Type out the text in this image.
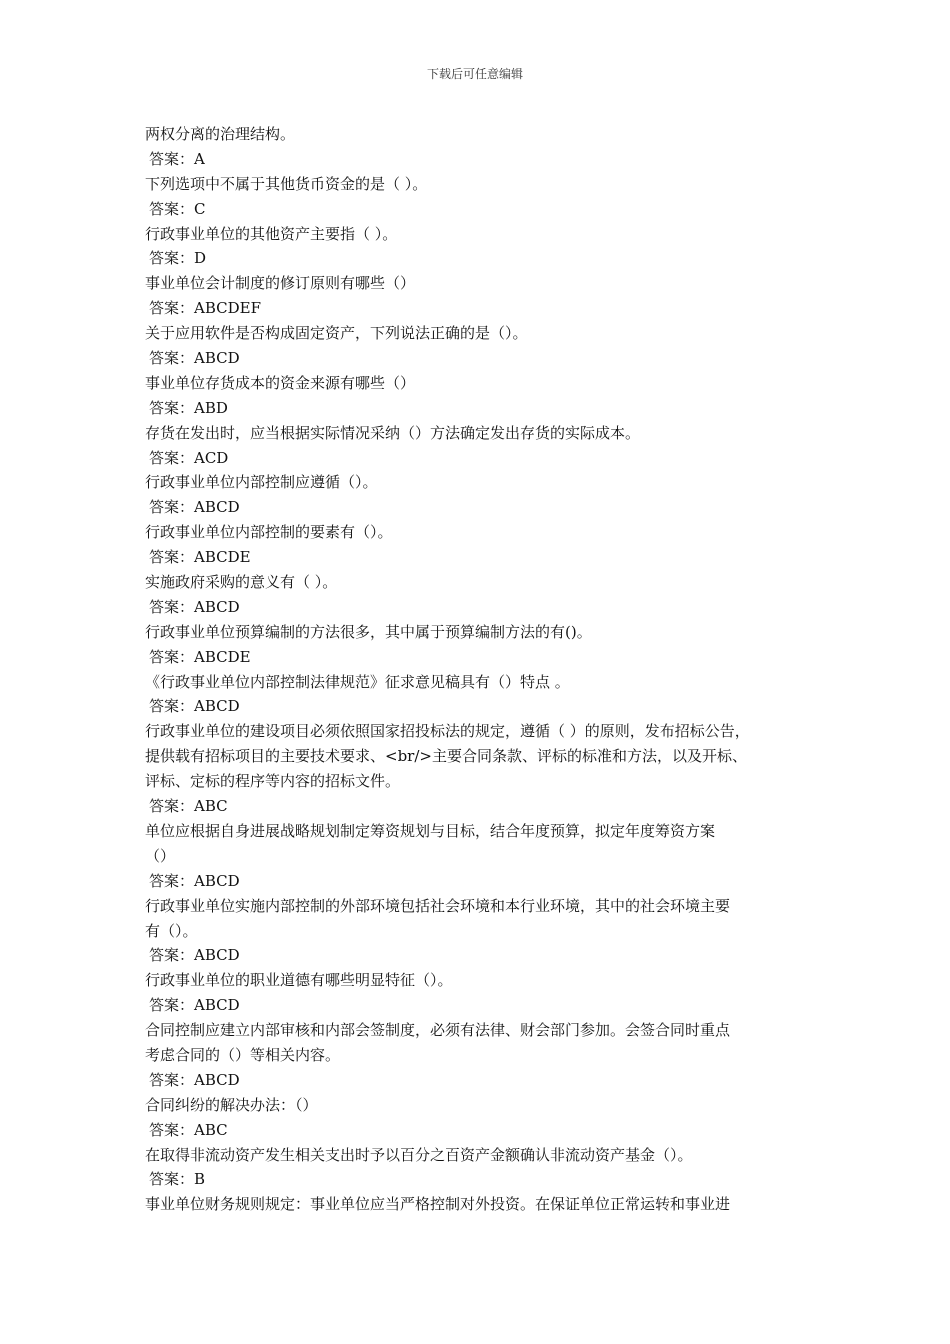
下载后可任意编辑
两权分离的治理结构。
答案：A
下列选项中不属于其他货币资金的是（ ）。
答案：C
行政事业单位的其他资产主要指（ ）。
答案：D
事业单位会计制度的修订原则有哪些（）
答案：ABCDEF
关于应用软件是否构成固定资产，下列说法正确的是（）。
答案：ABCD
事业单位存货成本的资金来源有哪些（）
答案：ABD
存货在发出时，应当根据实际情况采纳（）方法确定发出存货的实际成本。
答案：ACD
行政事业单位内部控制应遵循（）。
答案：ABCD
行政事业单位内部控制的要素有（）。
答案：ABCDE
实施政府采购的意义有（ ）。
答案：ABCD
行政事业单位预算编制的方法很多，其中属于预算编制方法的有()。
答案：ABCDE
《行政事业单位内部控制法律规范》征求意见稿具有（）特点 。
答案：ABCD
行政事业单位的建设项目必须依照国家招投标法的规定，遵循（ ）的原则，发布招标公告，
提供载有招标项目的主要技术要求、<br/>主要合同条款、评标的标准和方法，以及开标、
评标、定标的程序等内容的招标文件。
答案：ABC
单位应根据自身进展战略规划制定筹资规划与目标，结合年度预算，拟定年度筹资方案
（）
答案：ABCD
行政事业单位实施内部控制的外部环境包括社会环境和本行业环境，其中的社会环境主要
有（）。
答案：ABCD
行政事业单位的职业道德有哪些明显特征（）。
答案：ABCD
合同控制应建立内部审核和内部会签制度，必须有法律、财会部门参加。会签合同时重点
考虑合同的（）等相关内容。
答案：ABCD
合同纠纷的解决办法：（）
答案：ABC
在取得非流动资产发生相关支出时予以百分之百资产金额确认非流动资产基金（）。
答案：B
事业单位财务规则规定：事业单位应当严格控制对外投资。在保证单位正常运转和事业进
